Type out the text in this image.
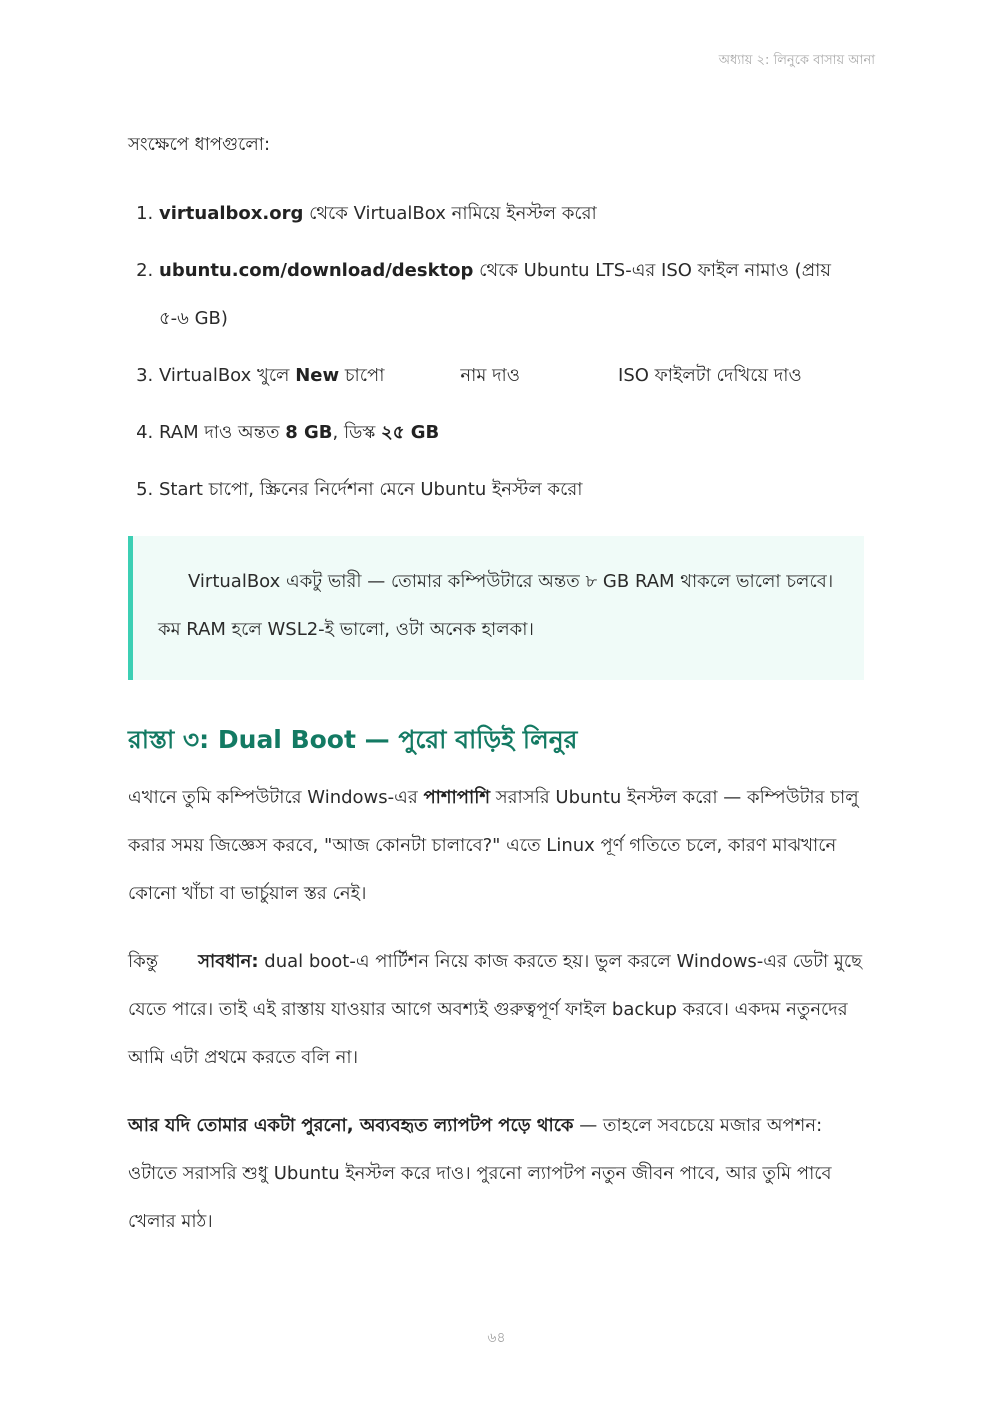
অধ্যায় ২: লিনুকে বাসায় আনা

সংক্ষেপে ধাপগুলো:

1. virtualbox.org থেকে VirtualBox নামিয়ে ইনস্টল করো
2. ubuntu.com/download/desktop থেকে Ubuntu LTS-এর ISO ফাইল নামাও (প্রায় ৫-৬ GB)
3. VirtualBox খুলে New চাপো	নাম দাও	ISO ফাইলটা দেখিয়ে দাও
4. RAM দাও অন্তত 8 GB, ডিস্ক ২৫ GB
5. Start চাপো, স্ক্রিনের নির্দেশনা মেনে Ubuntu ইনস্টল করো

VirtualBox একটু ভারী — তোমার কম্পিউটারে অন্তত ৮ GB RAM থাকলে ভালো চলবে। কম RAM হলে WSL2-ই ভালো, ওটা অনেক হালকা।

রাস্তা ৩: Dual Boot — পুরো বাড়িই লিনুর

এখানে তুমি কম্পিউটারে Windows-এর পাশাপাশি সরাসরি Ubuntu ইনস্টল করো — কম্পিউটার চালু করার সময় জিজ্ঞেস করবে, "আজ কোনটা চালাবে?" এতে Linux পূর্ণ গতিতে চলে, কারণ মাঝখানে কোনো খাঁচা বা ভার্চুয়াল স্তর নেই।

কিন্তু সাবধান: dual boot-এ পার্টিশন নিয়ে কাজ করতে হয়। ভুল করলে Windows-এর ডেটা মুছে যেতে পারে। তাই এই রাস্তায় যাওয়ার আগে অবশ্যই গুরুত্বপূর্ণ ফাইল backup করবে। একদম নতুনদের আমি এটা প্রথমে করতে বলি না।

আর যদি তোমার একটা পুরনো, অব্যবহৃত ল্যাপটপ পড়ে থাকে — তাহলে সবচেয়ে মজার অপশন: ওটাতে সরাসরি শুধু Ubuntu ইনস্টল করে দাও। পুরনো ল্যাপটপ নতুন জীবন পাবে, আর তুমি পাবে খেলার মাঠ।

৬৪
